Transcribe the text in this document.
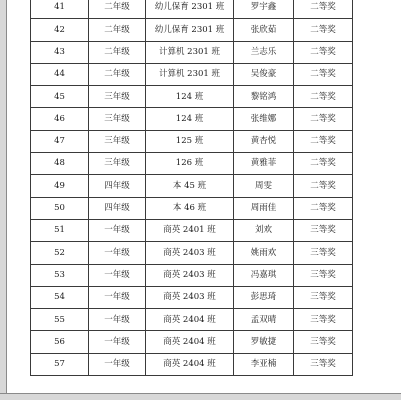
41	二年级	幼儿保育 2301 班	罗宇鑫	二等奖
42	二年级	幼儿保育 2301 班	张欣茹	二等奖
43	二年级	计算机 2301 班	兰志乐	二等奖
44	二年级	计算机 2301 班	吴俊豪	二等奖
45	三年级	124 班	黎铭鸿	二等奖
46	三年级	124 班	张维娜	二等奖
47	三年级	125 班	黄杏悦	二等奖
48	三年级	126 班	黄雅菲	二等奖
49	四年级	本 45 班	周雯	二等奖
50	四年级	本 46 班	周雨佳	二等奖
51	一年级	商英 2401 班	刘欢	三等奖
52	一年级	商英 2403 班	姚雨欢	三等奖
53	一年级	商英 2403 班	冯嘉琪	三等奖
54	一年级	商英 2403 班	彭思琦	三等奖
55	一年级	商英 2404 班	孟双晴	三等奖
56	一年级	商英 2404 班	罗敏捷	三等奖
57	一年级	商英 2404 班	李亚楠	三等奖
